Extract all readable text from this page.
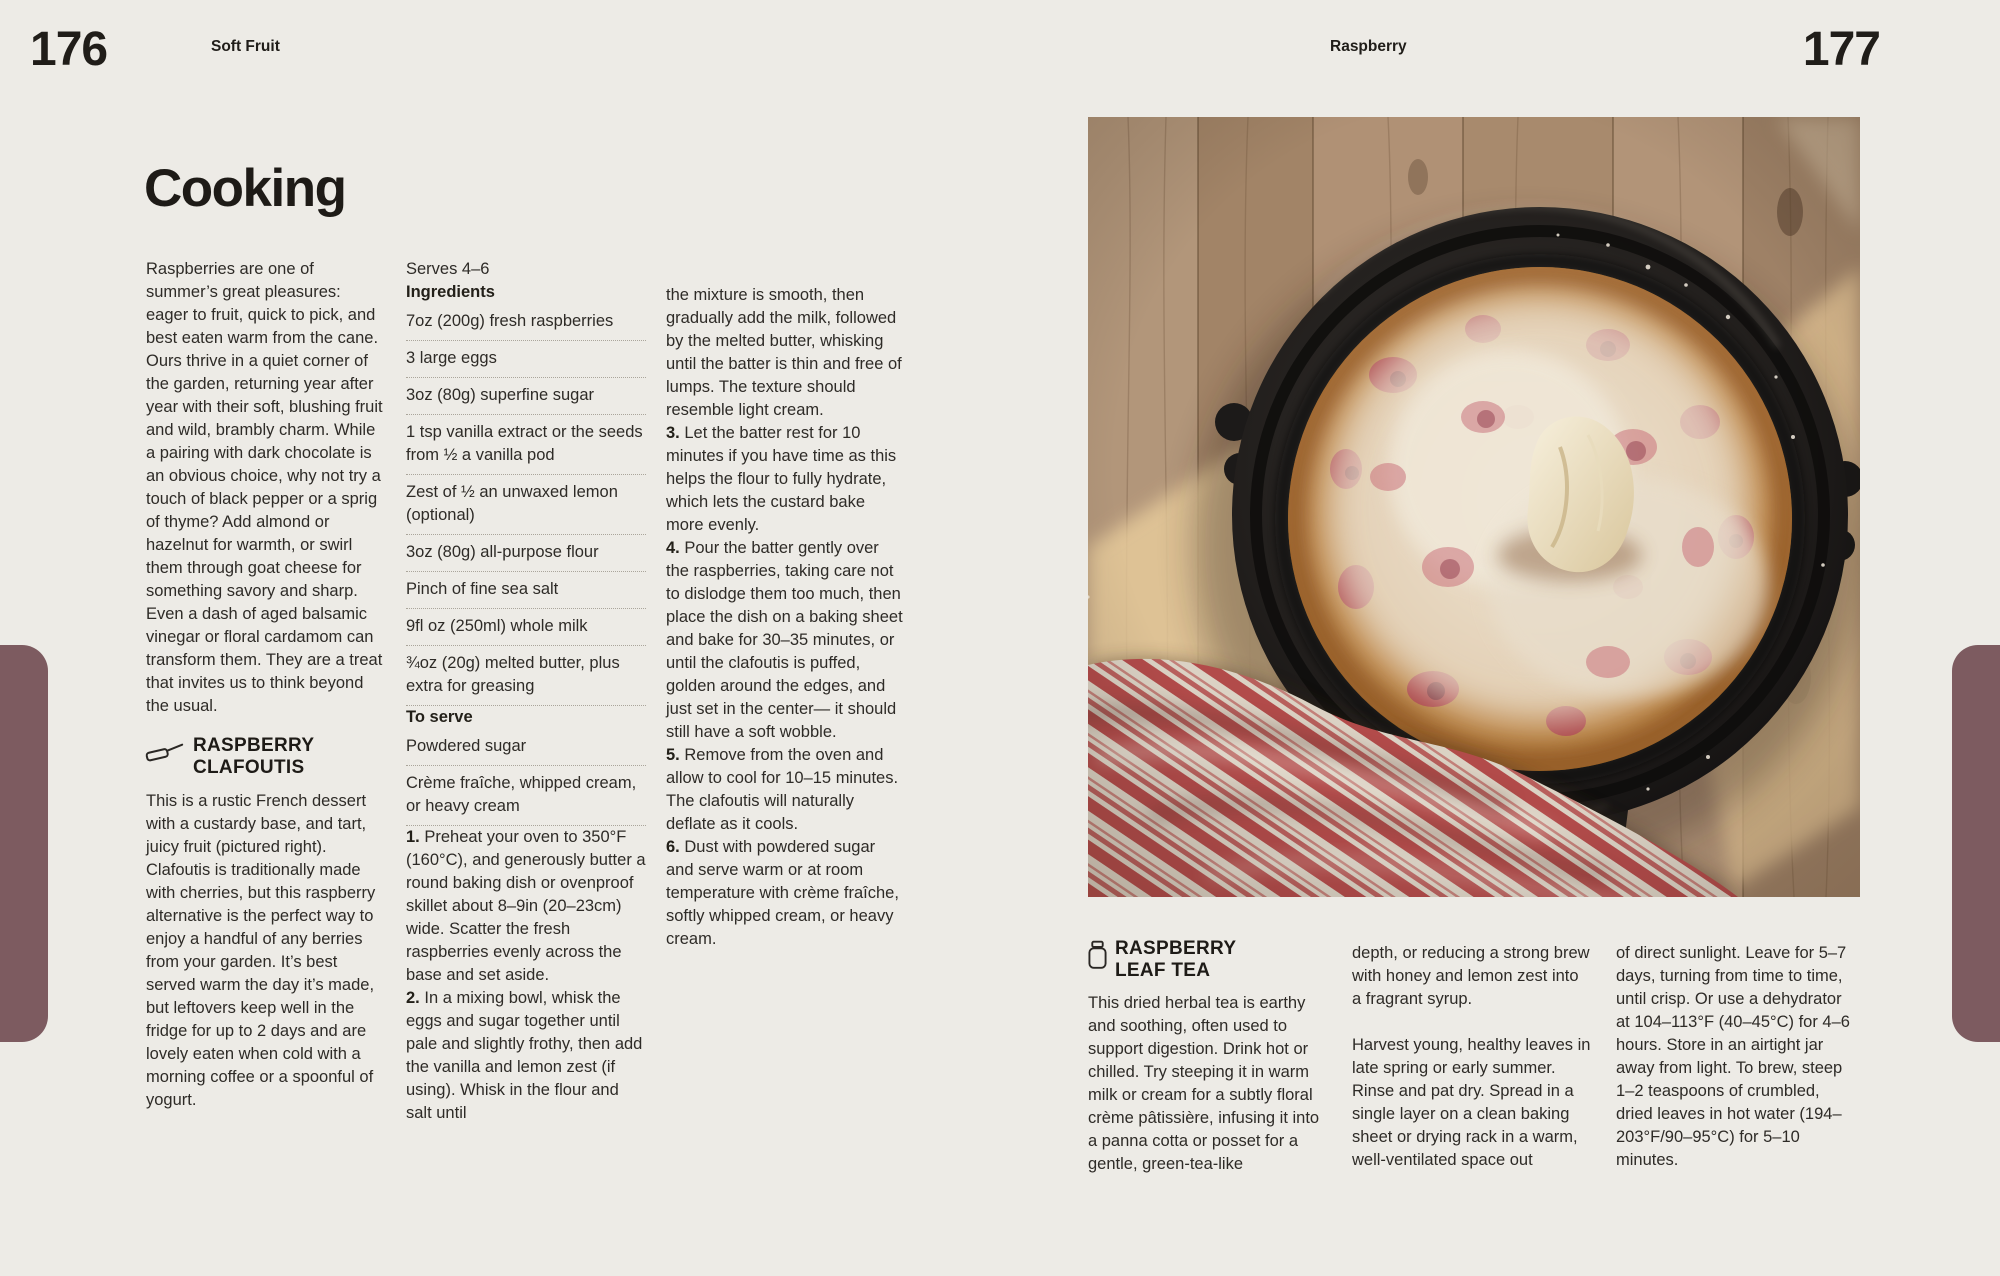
176	Soft Fruit	Raspberry	177
Cooking

Raspberries are one of summer’s great pleasures: eager to fruit, quick to pick, and best eaten warm from the cane. Ours thrive in a quiet corner of the garden, returning year after year with their soft, blushing fruit and wild, brambly charm. While a pairing with dark chocolate is an obvious choice, why not try a touch of black pepper or a sprig of thyme? Add almond or hazelnut for warmth, or swirl them through goat cheese for something savory and sharp. Even a dash of aged balsamic vinegar or floral cardamom can transform them. They are a treat that invites us to think beyond the usual.

RASPBERRY
CLAFOUTIS

This is a rustic French dessert with a custardy base, and tart, juicy fruit (pictured right). Clafoutis is traditionally made with cherries, but this raspberry alternative is the perfect way to enjoy a handful of any berries from your garden. It’s best served warm the day it’s made, but leftovers keep well in the fridge for up to 2 days and are lovely eaten when cold with a morning coffee or a spoonful of yogurt.

Serves 4–6

Ingredients

7oz (200g) fresh raspberries
3 large eggs
3oz (80g) superfine sugar
1 tsp vanilla extract or the seeds from ½ a vanilla pod
Zest of ½ an unwaxed lemon (optional)
3oz (80g) all-purpose flour
Pinch of fine sea salt
9fl oz (250ml) whole milk
¾oz (20g) melted butter, plus extra for greasing

To serve

Powdered sugar
Crème fraîche, whipped cream, or heavy cream

1. Preheat your oven to 350°F (160°C), and generously butter a round baking dish or ovenproof skillet about 8–9in (20–23cm) wide. Scatter the fresh raspberries evenly across the base and set aside.

2. In a mixing bowl, whisk the eggs and sugar together until pale and slightly frothy, then add the vanilla and lemon zest (if using). Whisk in the flour and salt until

the mixture is smooth, then gradually add the milk, followed by the melted butter, whisking until the batter is thin and free of lumps. The texture should resemble light cream.

3. Let the batter rest for 10 minutes if you have time as this helps the flour to fully hydrate, which lets the custard bake more evenly.

4. Pour the batter gently over the raspberries, taking care not to dislodge them too much, then place the dish on a baking sheet and bake for 30–35 minutes, or until the clafoutis is puffed, golden around the edges, and just set in the center— it should still have a soft wobble.

5. Remove from the oven and allow to cool for 10–15 minutes. The clafoutis will naturally deflate as it cools.

6. Dust with powdered sugar and serve warm or at room temperature with crème fraîche, softly whipped cream, or heavy cream.	RASPBERRY
LEAF TEA

This dried herbal tea is earthy and soothing, often used to support digestion. Drink hot or chilled. Try steeping it in warm milk or cream for a subtly floral crème pâtissière, infusing it into a panna cotta or posset for a gentle, green-tea-like

depth, or reducing a strong brew with honey and lemon zest into a fragrant syrup.

Harvest young, healthy leaves in late spring or early summer. Rinse and pat dry. Spread in a single layer on a clean baking sheet or drying rack in a warm, well-ventilated space out

of direct sunlight. Leave for 5–7 days, turning from time to time, until crisp. Or use a dehydrator at 104–113°F (40–45°C) for 4–6 hours. Store in an airtight jar away from light. To brew, steep 1–2 teaspoons of crumbled, dried leaves in hot water (194–203°F/90–95°C) for 5–10 minutes.
